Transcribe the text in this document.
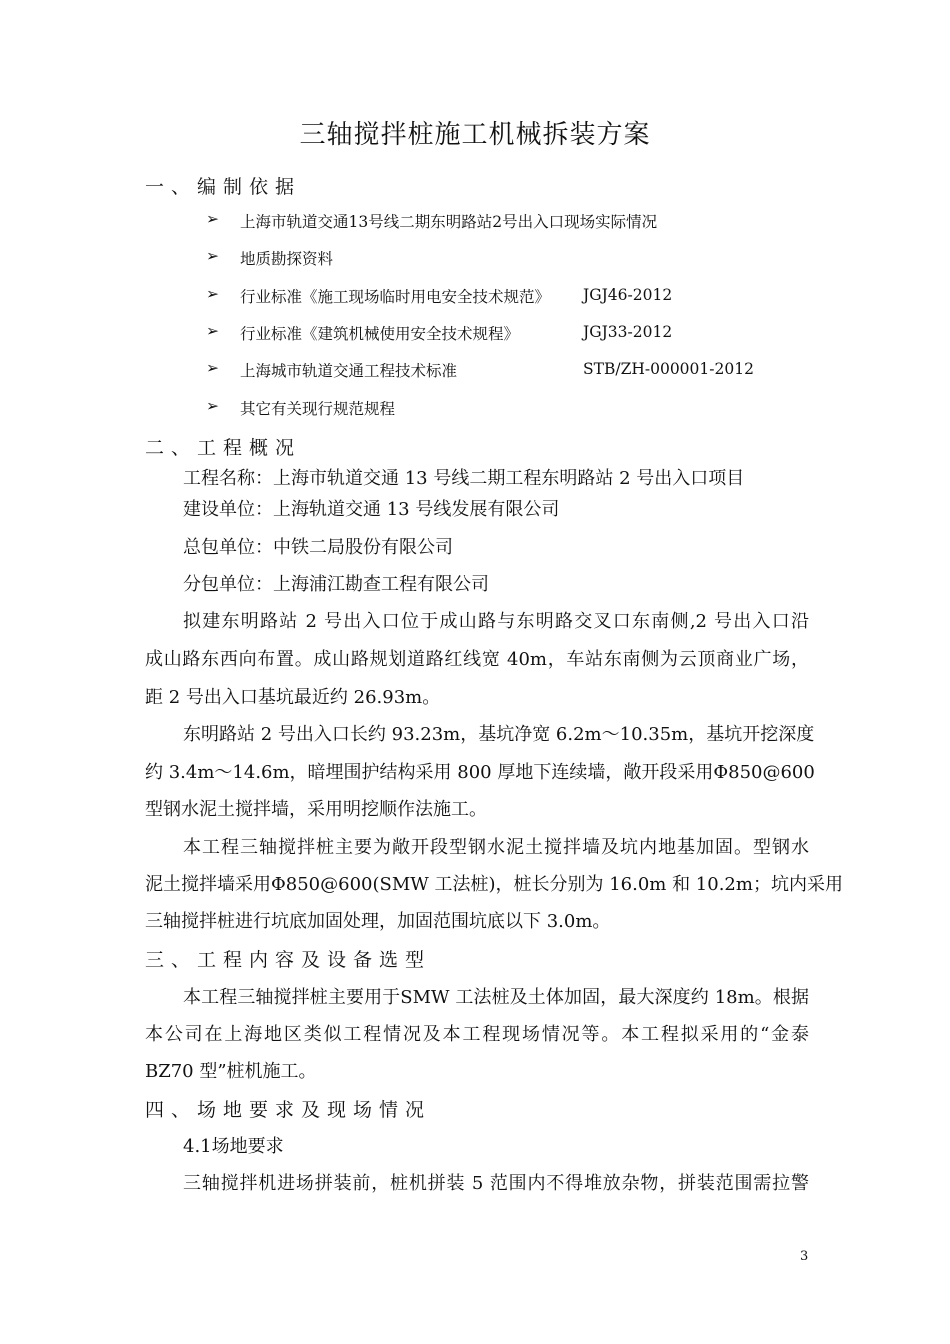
三轴搅拌桩施工机械拆装方案
一、编制依据
➢ 上海市轨道交通13号线二期东明路站2号出入口现场实际情况
➢ 地质勘探资料
➢ 行业标准《施工现场临时用电安全技术规范》 JGJ46-2012
➢ 行业标准《建筑机械使用安全技术规程》	JGJ33-2012
➢ 上海城市轨道交通工程技术标准	STB/ZH-000001-2012
➢ 其它有关现行规范规程
二、工程概况
工程名称：上海市轨道交通 13 号线二期工程东明路站 2 号出入口项目
建设单位：上海轨道交通 13 号线发展有限公司
总包单位：中铁二局股份有限公司
分包单位：上海浦江勘查工程有限公司
拟建东明路站 2 号出入口位于成山路与东明路交叉口东南侧,2 号出入口沿
成山路东西向布置。成山路规划道路红线宽 40m，车站东南侧为云顶商业广场，
距 2 号出入口基坑最近约 26.93m。
东明路站 2 号出入口长约 93.23m，基坑净宽 6.2m～10.35m，基坑开挖深度
约 3.4m～14.6m，暗埋围护结构采用 800 厚地下连续墙，敞开段采用Φ850@600
型钢水泥土搅拌墙，采用明挖顺作法施工。
本工程三轴搅拌桩主要为敞开段型钢水泥土搅拌墙及坑内地基加固。型钢水
泥土搅拌墙采用Φ850@600(SMW 工法桩)，桩长分别为 16.0m 和 10.2m；坑内采用
三轴搅拌桩进行坑底加固处理，加固范围坑底以下 3.0m。
三、工程内容及设备选型
本工程三轴搅拌桩主要用于SMW 工法桩及土体加固，最大深度约 18m。根据
本公司在上海地区类似工程情况及本工程现场情况等。本工程拟采用的“金泰
BZ70 型”桩机施工。
四、场地要求及现场情况
4.1场地要求
三轴搅拌机进场拼装前，桩机拼装 5 范围内不得堆放杂物，拼装范围需拉警
3
